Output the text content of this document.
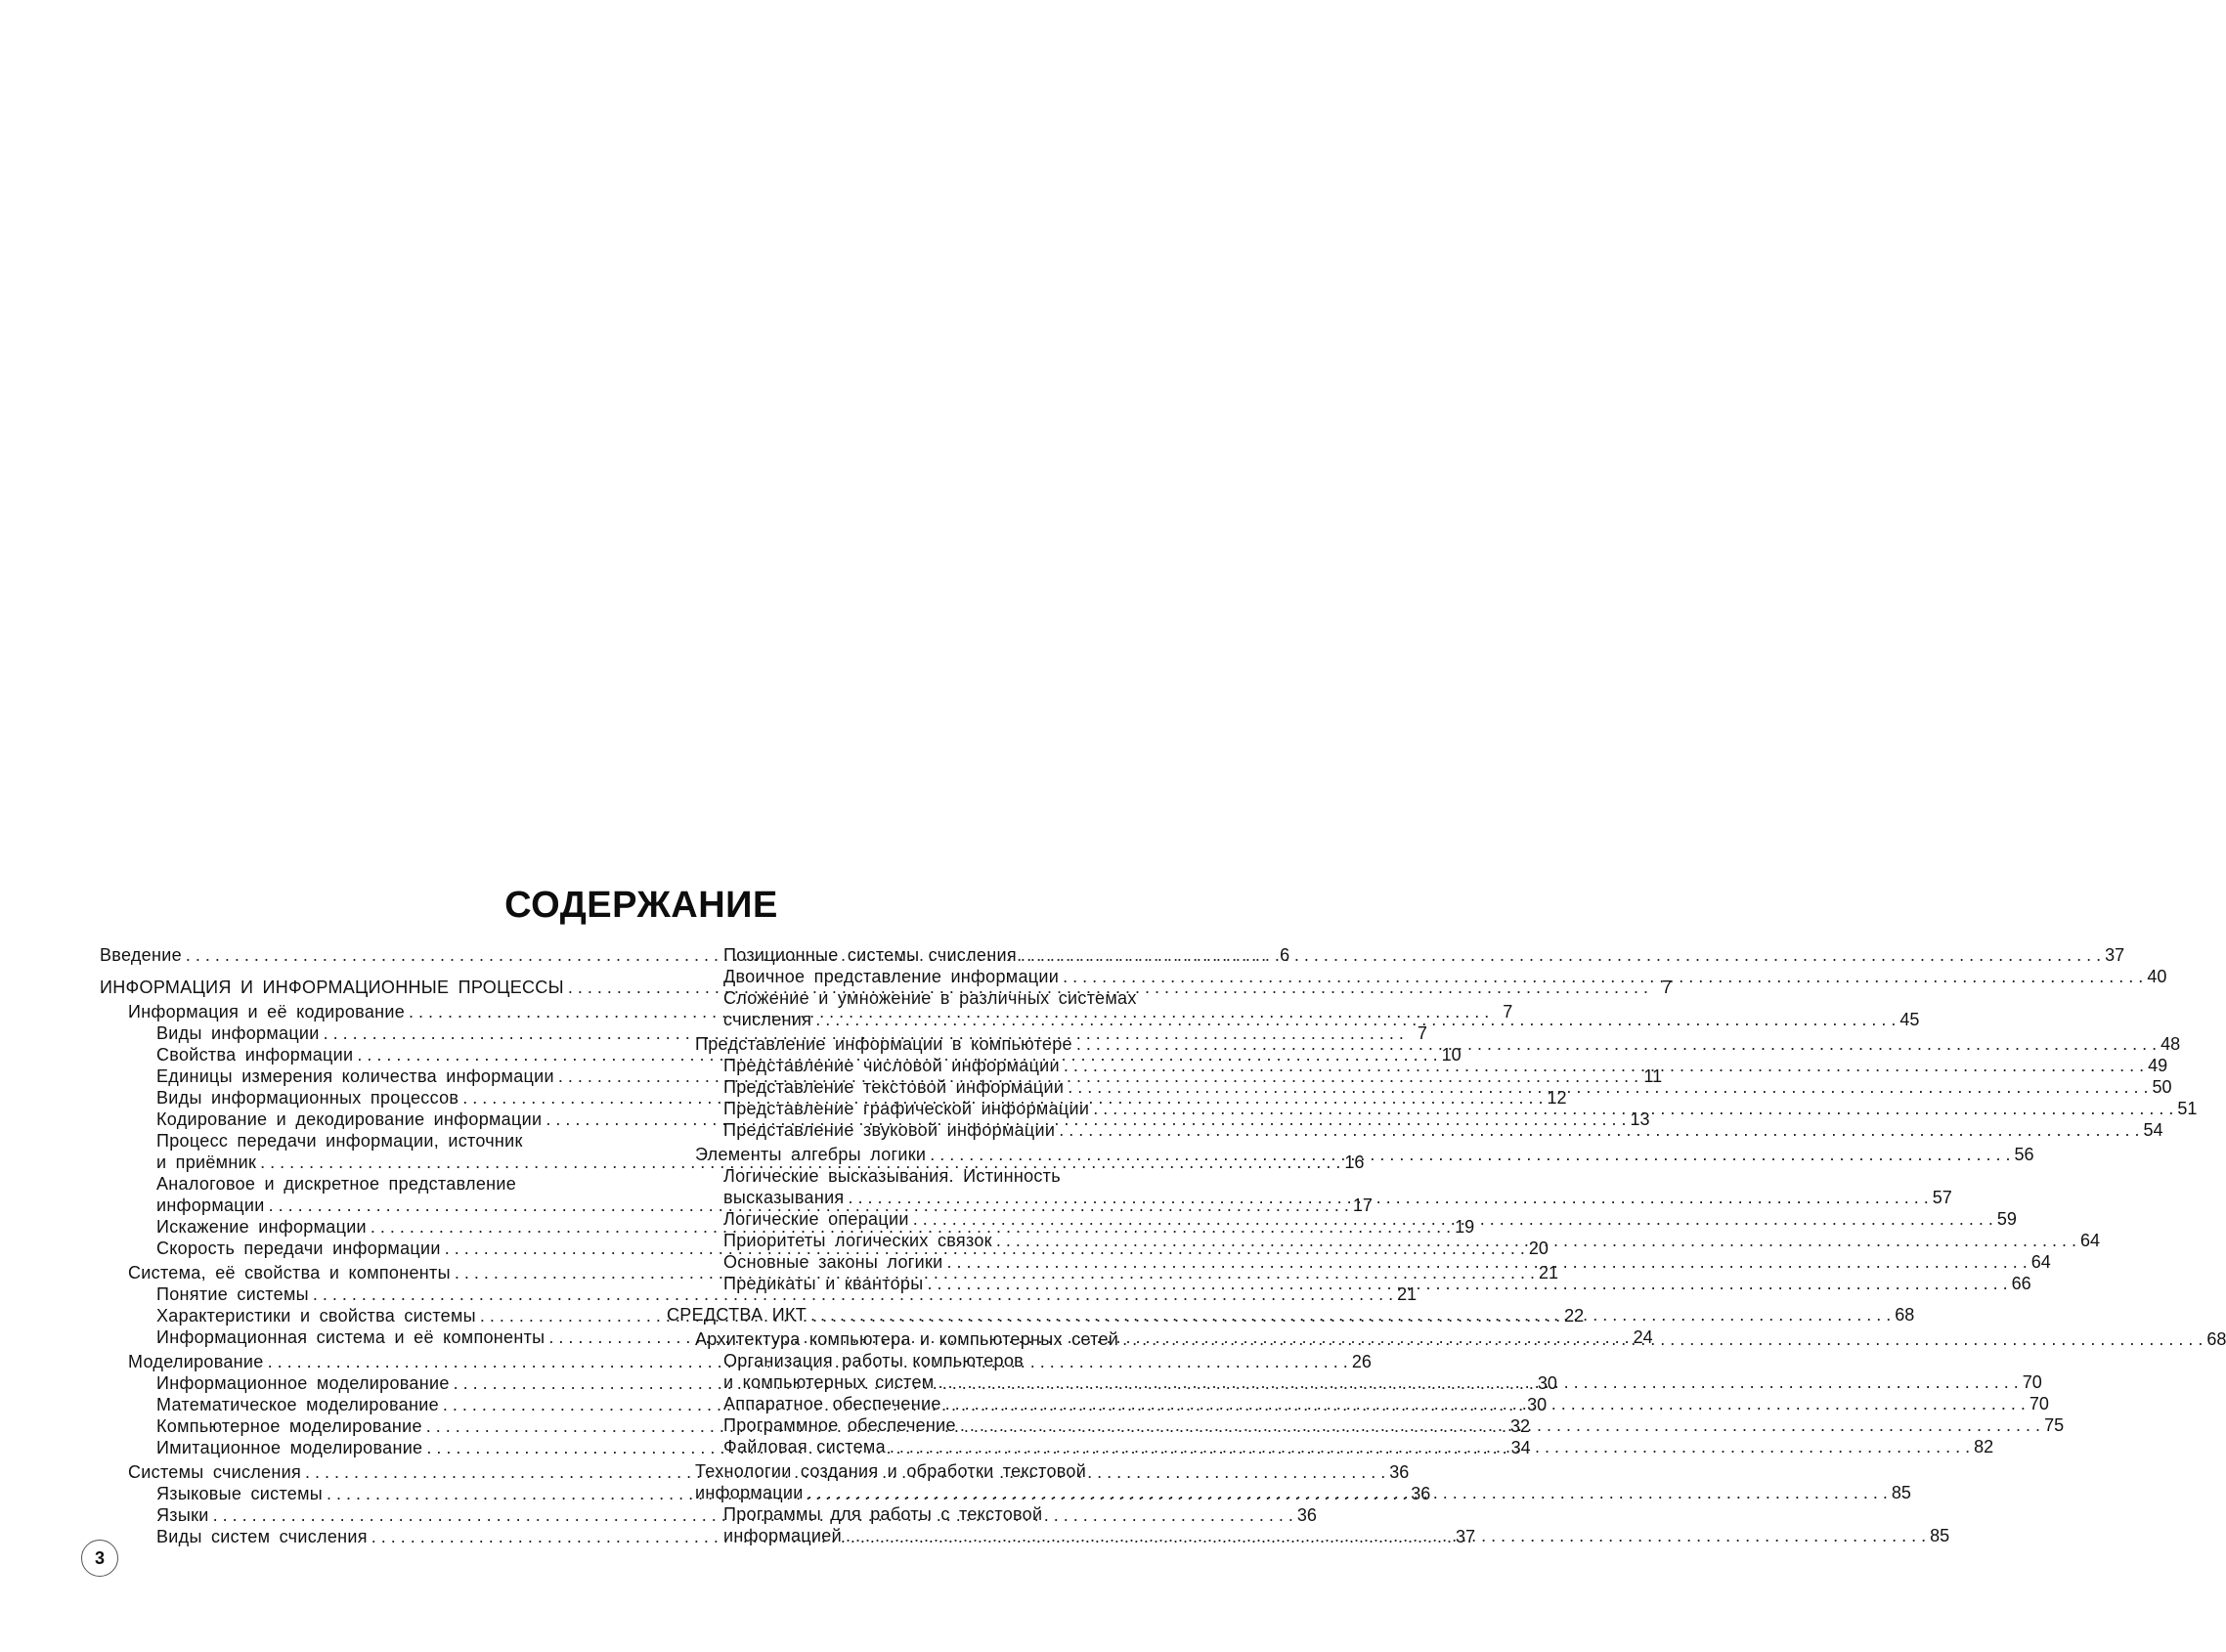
СОДЕРЖАНИЕ
Введение . . .	6
ИНФОРМАЦИЯ И ИНФОРМАЦИОННЫЕ ПРОЦЕССЫ . . .	7
Информация и её кодирование . . .	7
Виды информации . . .	7
Свойства информации . . .	10
Единицы измерения количества информации . . .	11
Виды информационных процессов . . .	12
Кодирование и декодирование информации . . .	13
Процесс передачи информации, источник
и приёмник . . .	16
Аналоговое и дискретное представление
информации . . .	17
Искажение информации . . .	19
Скорость передачи информации . . .	20
Система, её свойства и компоненты . . .	21
Понятие системы . . .	21
Характеристики и свойства системы . . .	22
Информационная система и её компоненты . . .	24
Моделирование . . .	26
Информационное моделирование . . .	30
Математическое моделирование . . .	30
Компьютерное моделирование . . .	32
Имитационное моделирование . . .	34
Системы счисления . . .	36
Языковые системы . . .	36
Языки . . .	36
Виды систем счисления . . .	37
Позиционные системы счисления . . .	37
Двоичное представление информации . . .	40
Сложение и умножение в различных системах
счисления . . .	45
Представление информации в компьютере . . .	48
Представление числовой информации . . .	49
Представление текстовой информации . . .	50
Представление графической информации . . .	51
Представление звуковой информации . . .	54
Элементы алгебры логики . . .	56
Логические высказывания. Истинность
высказывания . . .	57
Логические операции . . .	59
Приоритеты логических связок . . .	64
Основные законы логики . . .	64
Предикаты и кванторы . . .	66
СРЕДСТВА ИКТ . . .	68
Архитектура компьютера и компьютерных сетей . . .	68
Организация работы компьютеров
и компьютерных систем . . .	70
Аппаратное обеспечение . . .	70
Программное обеспечение . . .	75
Файловая система . . .	82
Технологии создания и обработки текстовой
информации . . .	85
Программы для работы с текстовой
информацией . . .	85
3
